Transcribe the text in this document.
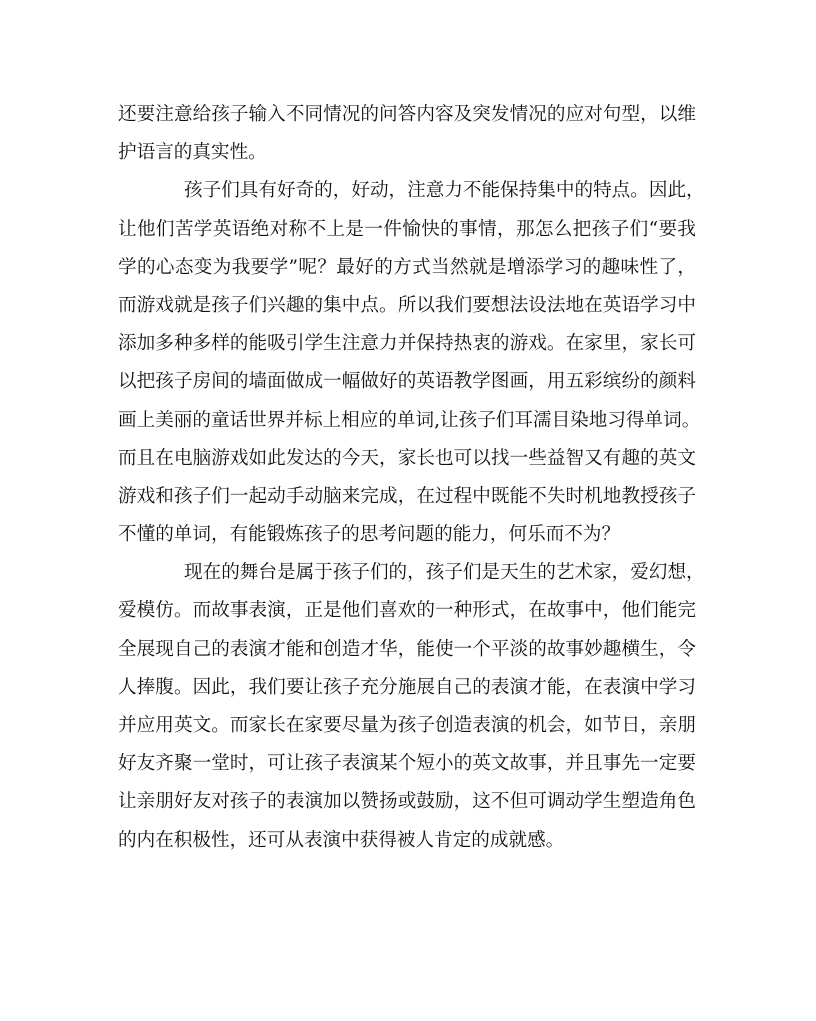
还要注意给孩子输入不同情况的问答内容及突发情况的应对句型，以维
护语言的真实性。
孩子们具有好奇的，好动，注意力不能保持集中的特点。因此，
让他们苦学英语绝对称不上是一件愉快的事情，那怎么把孩子们“要我
学的心态变为我要学”呢？最好的方式当然就是增添学习的趣味性了，
而游戏就是孩子们兴趣的集中点。所以我们要想法设法地在英语学习中
添加多种多样的能吸引学生注意力并保持热衷的游戏。在家里，家长可
以把孩子房间的墙面做成一幅做好的英语教学图画，用五彩缤纷的颜料
画上美丽的童话世界并标上相应的单词,让孩子们耳濡目染地习得单词。
而且在电脑游戏如此发达的今天，家长也可以找一些益智又有趣的英文
游戏和孩子们一起动手动脑来完成，在过程中既能不失时机地教授孩子
不懂的单词，有能锻炼孩子的思考问题的能力，何乐而不为？
现在的舞台是属于孩子们的，孩子们是天生的艺术家，爱幻想，
爱模仿。而故事表演，正是他们喜欢的一种形式，在故事中，他们能完
全展现自己的表演才能和创造才华，能使一个平淡的故事妙趣横生，令
人捧腹。因此，我们要让孩子充分施展自己的表演才能，在表演中学习
并应用英文。而家长在家要尽量为孩子创造表演的机会，如节日，亲朋
好友齐聚一堂时，可让孩子表演某个短小的英文故事，并且事先一定要
让亲朋好友对孩子的表演加以赞扬或鼓励，这不但可调动学生塑造角色
的内在积极性，还可从表演中获得被人肯定的成就感。
